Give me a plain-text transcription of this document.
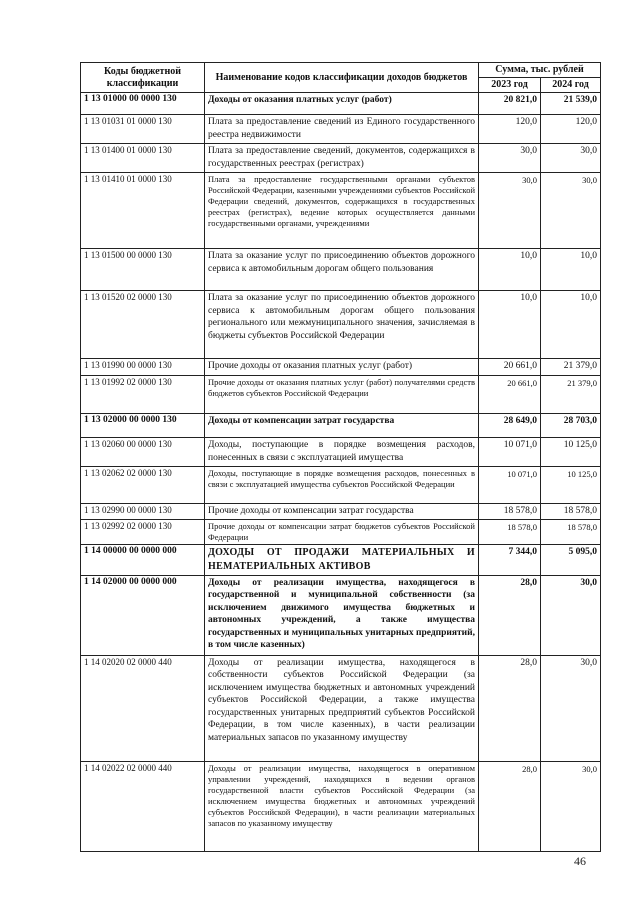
Коды бюджетной классификации	Наименование кодов классификации доходов бюджетов	Сумма, тыс. рублей	
		2023 год	2024 год
1 13 01000 00 0000 130	Доходы от оказания платных услуг (работ)	20 821,0	21 539,0
1 13 01031 01 0000 130	Плата за предоставление сведений из Единого государственного реестра недвижимости	120,0	120,0
1 13 01400 01 0000 130	Плата за предоставление сведений, документов, содержащихся в государственных реестрах (регистрах)	30,0	30,0
1 13 01410 01 0000 130	Плата за предоставление государственными органами субъектов Российской Федерации, казенными учреждениями субъектов Российской Федерации сведений, документов, содержащихся в государственных реестрах (регистрах), ведение которых осуществляется данными государственными органами, учреждениями	30,0	30,0
1 13 01500 00 0000 130	Плата за оказание услуг по присоединению объектов дорожного сервиса к автомобильным дорогам общего пользования	10,0	10,0
1 13 01520 02 0000 130	Плата за оказание услуг по присоединению объектов дорожного сервиса к автомобильным дорогам общего пользования регионального или межмуниципального значения, зачисляемая в бюджеты субъектов Российской Федерации	10,0	10,0
1 13 01990 00 0000 130	Прочие доходы от оказания платных услуг (работ)	20 661,0	21 379,0
1 13 01992 02 0000 130	Прочие доходы от оказания платных услуг (работ) получателями средств бюджетов субъектов Российской Федерации	20 661,0	21 379,0
1 13 02000 00 0000 130	Доходы от компенсации затрат государства	28 649,0	28 703,0
1 13 02060 00 0000 130	Доходы, поступающие в порядке возмещения расходов, понесенных в связи с эксплуатацией имущества	10 071,0	10 125,0
1 13 02062 02 0000 130	Доходы, поступающие в порядке возмещения расходов, понесенных в связи с эксплуатацией имущества субъектов Российской Федерации	10 071,0	10 125,0
1 13 02990 00 0000 130	Прочие доходы от компенсации затрат государства	18 578,0	18 578,0
1 13 02992 02 0000 130	Прочие доходы от компенсации затрат бюджетов субъектов Российской Федерации	18 578,0	18 578,0
1 14 00000 00 0000 000	ДОХОДЫ ОТ ПРОДАЖИ МАТЕРИАЛЬНЫХ И НЕМАТЕРИАЛЬНЫХ АКТИВОВ	7 344,0	5 095,0
1 14 02000 00 0000 000	Доходы от реализации имущества, находящегося в государственной и муниципальной собственности (за исключением движимого имущества бюджетных и автономных учреждений, а также имущества государственных и муниципальных унитарных предприятий, в том числе казенных)	28,0	30,0
1 14 02020 02 0000 440	Доходы от реализации имущества, находящегося в собственности субъектов Российской Федерации (за исключением имущества бюджетных и автономных учреждений субъектов Российской Федерации, а также имущества государственных унитарных предприятий субъектов Российской Федерации, в том числе казенных), в части реализации материальных запасов по указанному имуществу	28,0	30,0
1 14 02022 02 0000 440	Доходы от реализации имущества, находящегося в оперативном управлении учреждений, находящихся в ведении органов государственной власти субъектов Российской Федерации (за исключением имущества бюджетных и автономных учреждений субъектов Российской Федерации), в части реализации материальных запасов по указанному имуществу	28,0	30,0
46
